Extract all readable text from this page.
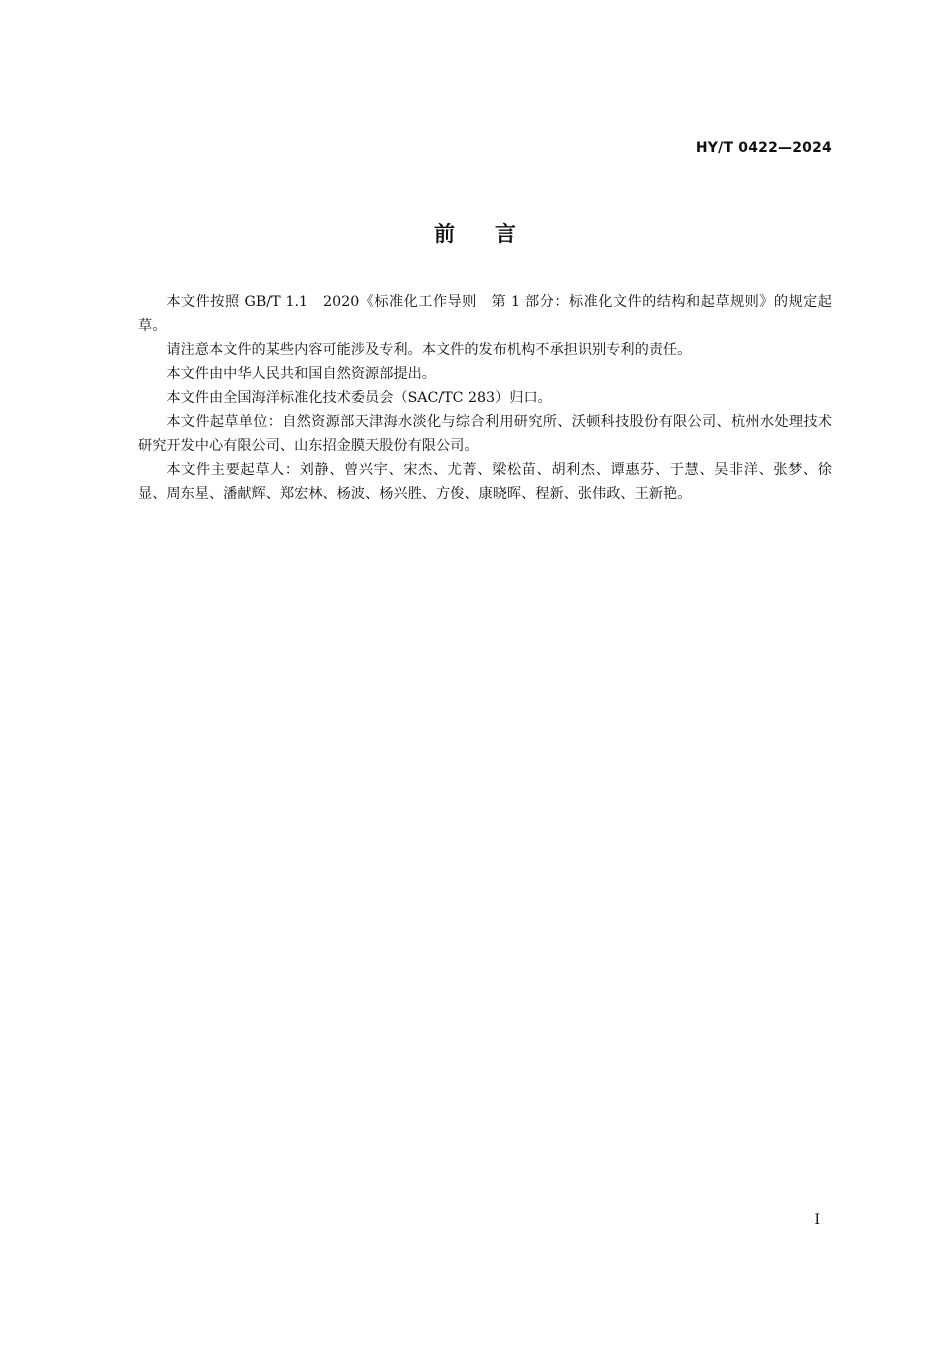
HY/T 0422—2024
前 言

本文件按照 GB/T 1.1　2020《标准化工作导则　第 1 部分：标准化文件的结构和起草规则》的规定起草。

请注意本文件的某些内容可能涉及专利。本文件的发布机构不承担识别专利的责任。

本文件由中华人民共和国自然资源部提出。

本文件由全国海洋标准化技术委员会（SAC/TC 283）归口。

本文件起草单位：自然资源部天津海水淡化与综合利用研究所、沃顿科技股份有限公司、杭州水处理技术研究开发中心有限公司、山东招金膜天股份有限公司。

本文件主要起草人：刘静、曾兴宇、宋杰、尤菁、梁松苗、胡利杰、谭惠芬、于慧、吴非洋、张梦、徐显、周东星、潘献辉、郑宏林、杨波、杨兴胜、方俊、康晓晖、程新、张伟政、王新艳。

I
